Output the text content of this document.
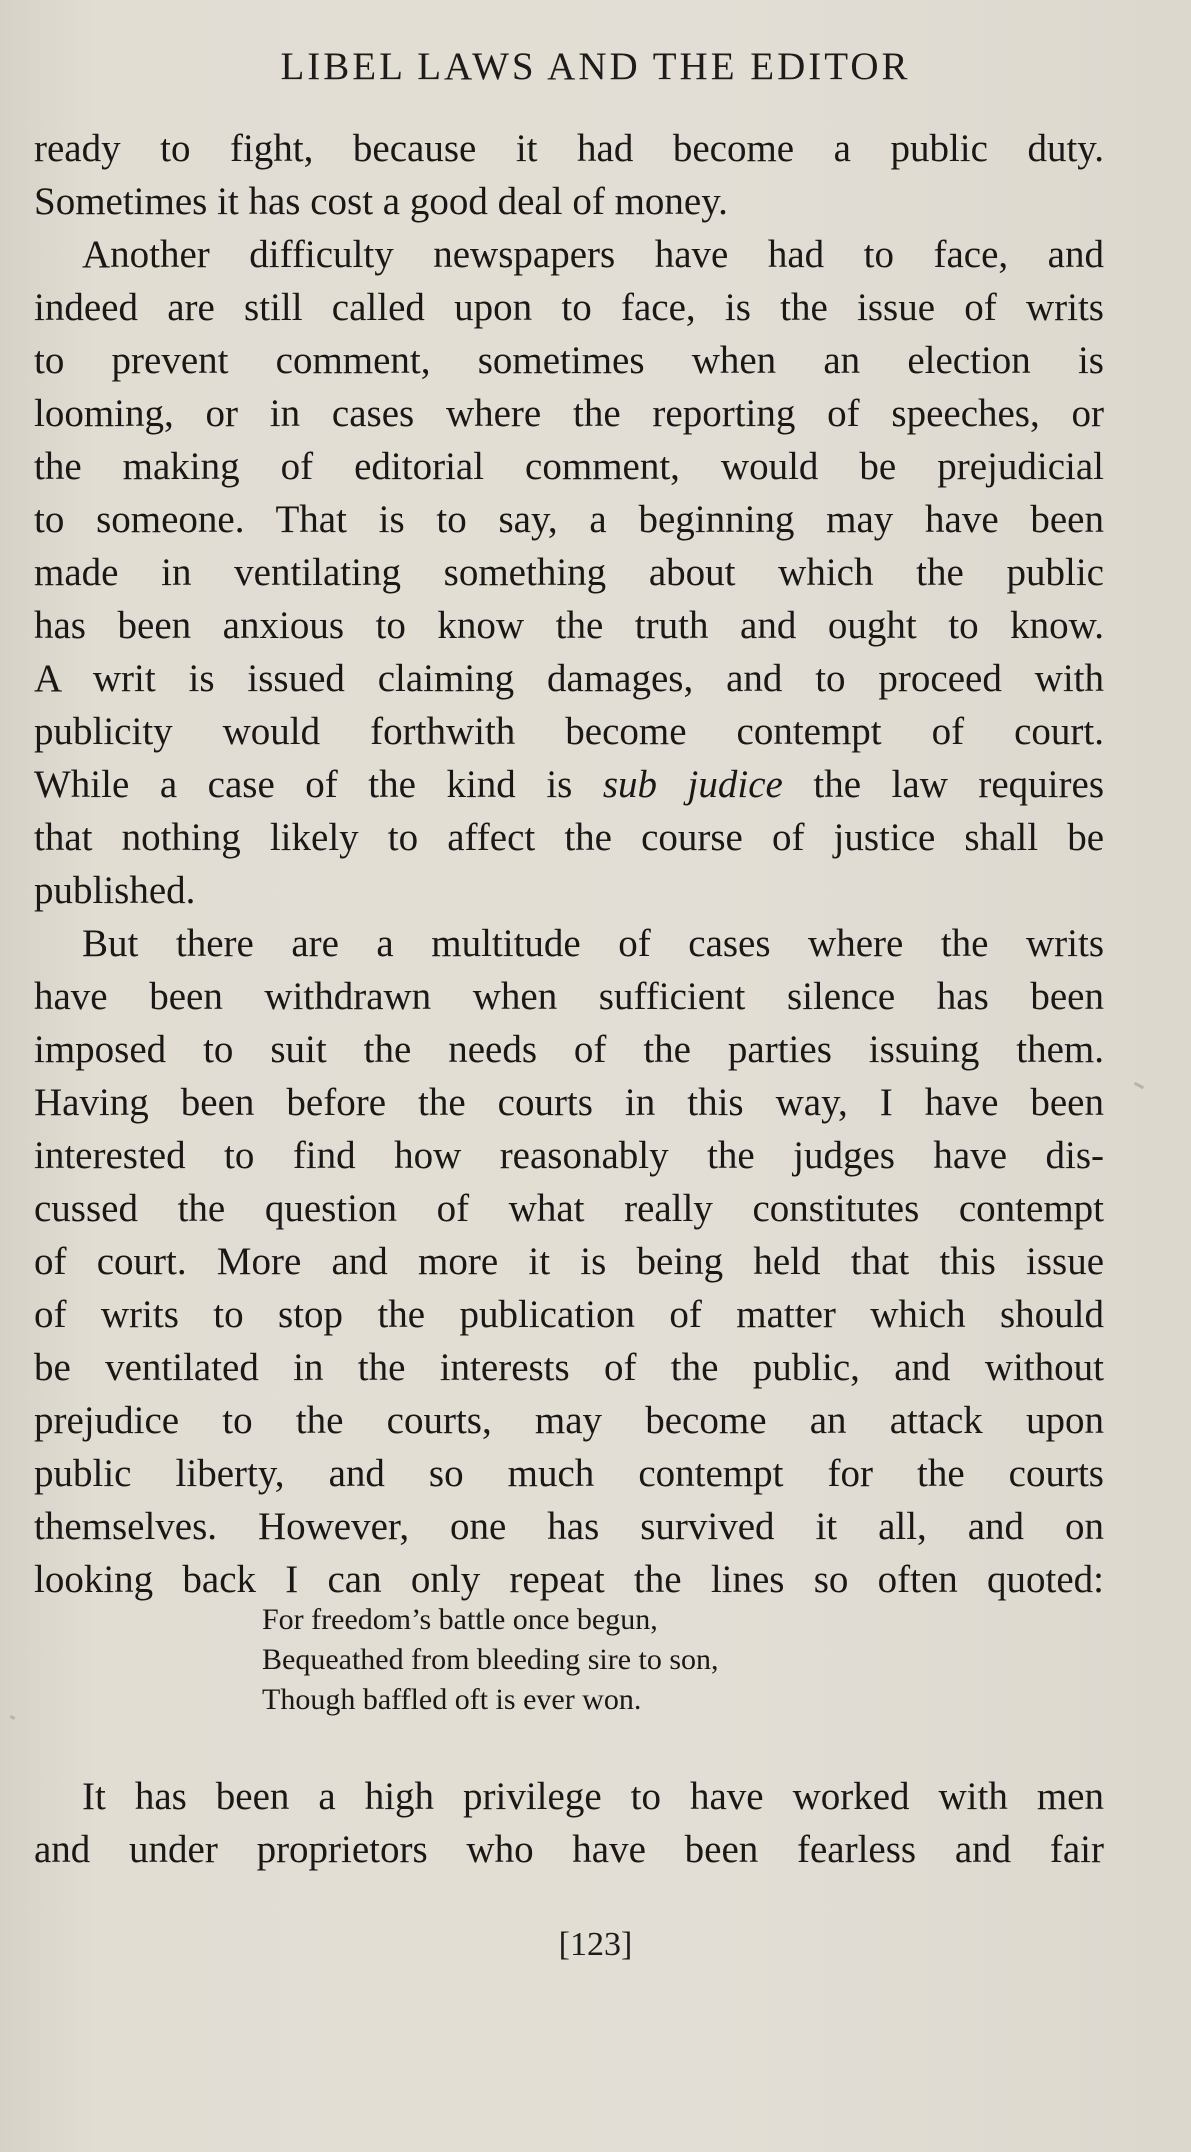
LIBEL LAWS AND THE EDITOR

ready to fight, because it had become a public duty.
Sometimes it has cost a good deal of money.

Another difficulty newspapers have had to face, and
indeed are still called upon to face, is the issue of writs
to prevent comment, sometimes when an election is
looming, or in cases where the reporting of speeches, or
the making of editorial comment, would be prejudicial
to someone. That is to say, a beginning may have been
made in ventilating something about which the public
has been anxious to know the truth and ought to know.
A writ is issued claiming damages, and to proceed with
publicity would forthwith become contempt of court.
While a case of the kind is sub judice the law requires
that nothing likely to affect the course of justice shall be
published.

But there are a multitude of cases where the writs
have been withdrawn when sufficient silence has been
imposed to suit the needs of the parties issuing them.
Having been before the courts in this way, I have been
interested to find how reasonably the judges have dis-
cussed the question of what really constitutes contempt
of court. More and more it is being held that this issue
of writs to stop the publication of matter which should
be ventilated in the interests of the public, and without
prejudice to the courts, may become an attack upon
public liberty, and so much contempt for the courts
themselves. However, one has survived it all, and on
looking back I can only repeat the lines so often quoted:

For freedom’s battle once begun,
Bequeathed from bleeding sire to son,
Though baffled oft is ever won.
It has been a high privilege to have worked with men
and under proprietors who have been fearless and fair
[123]
